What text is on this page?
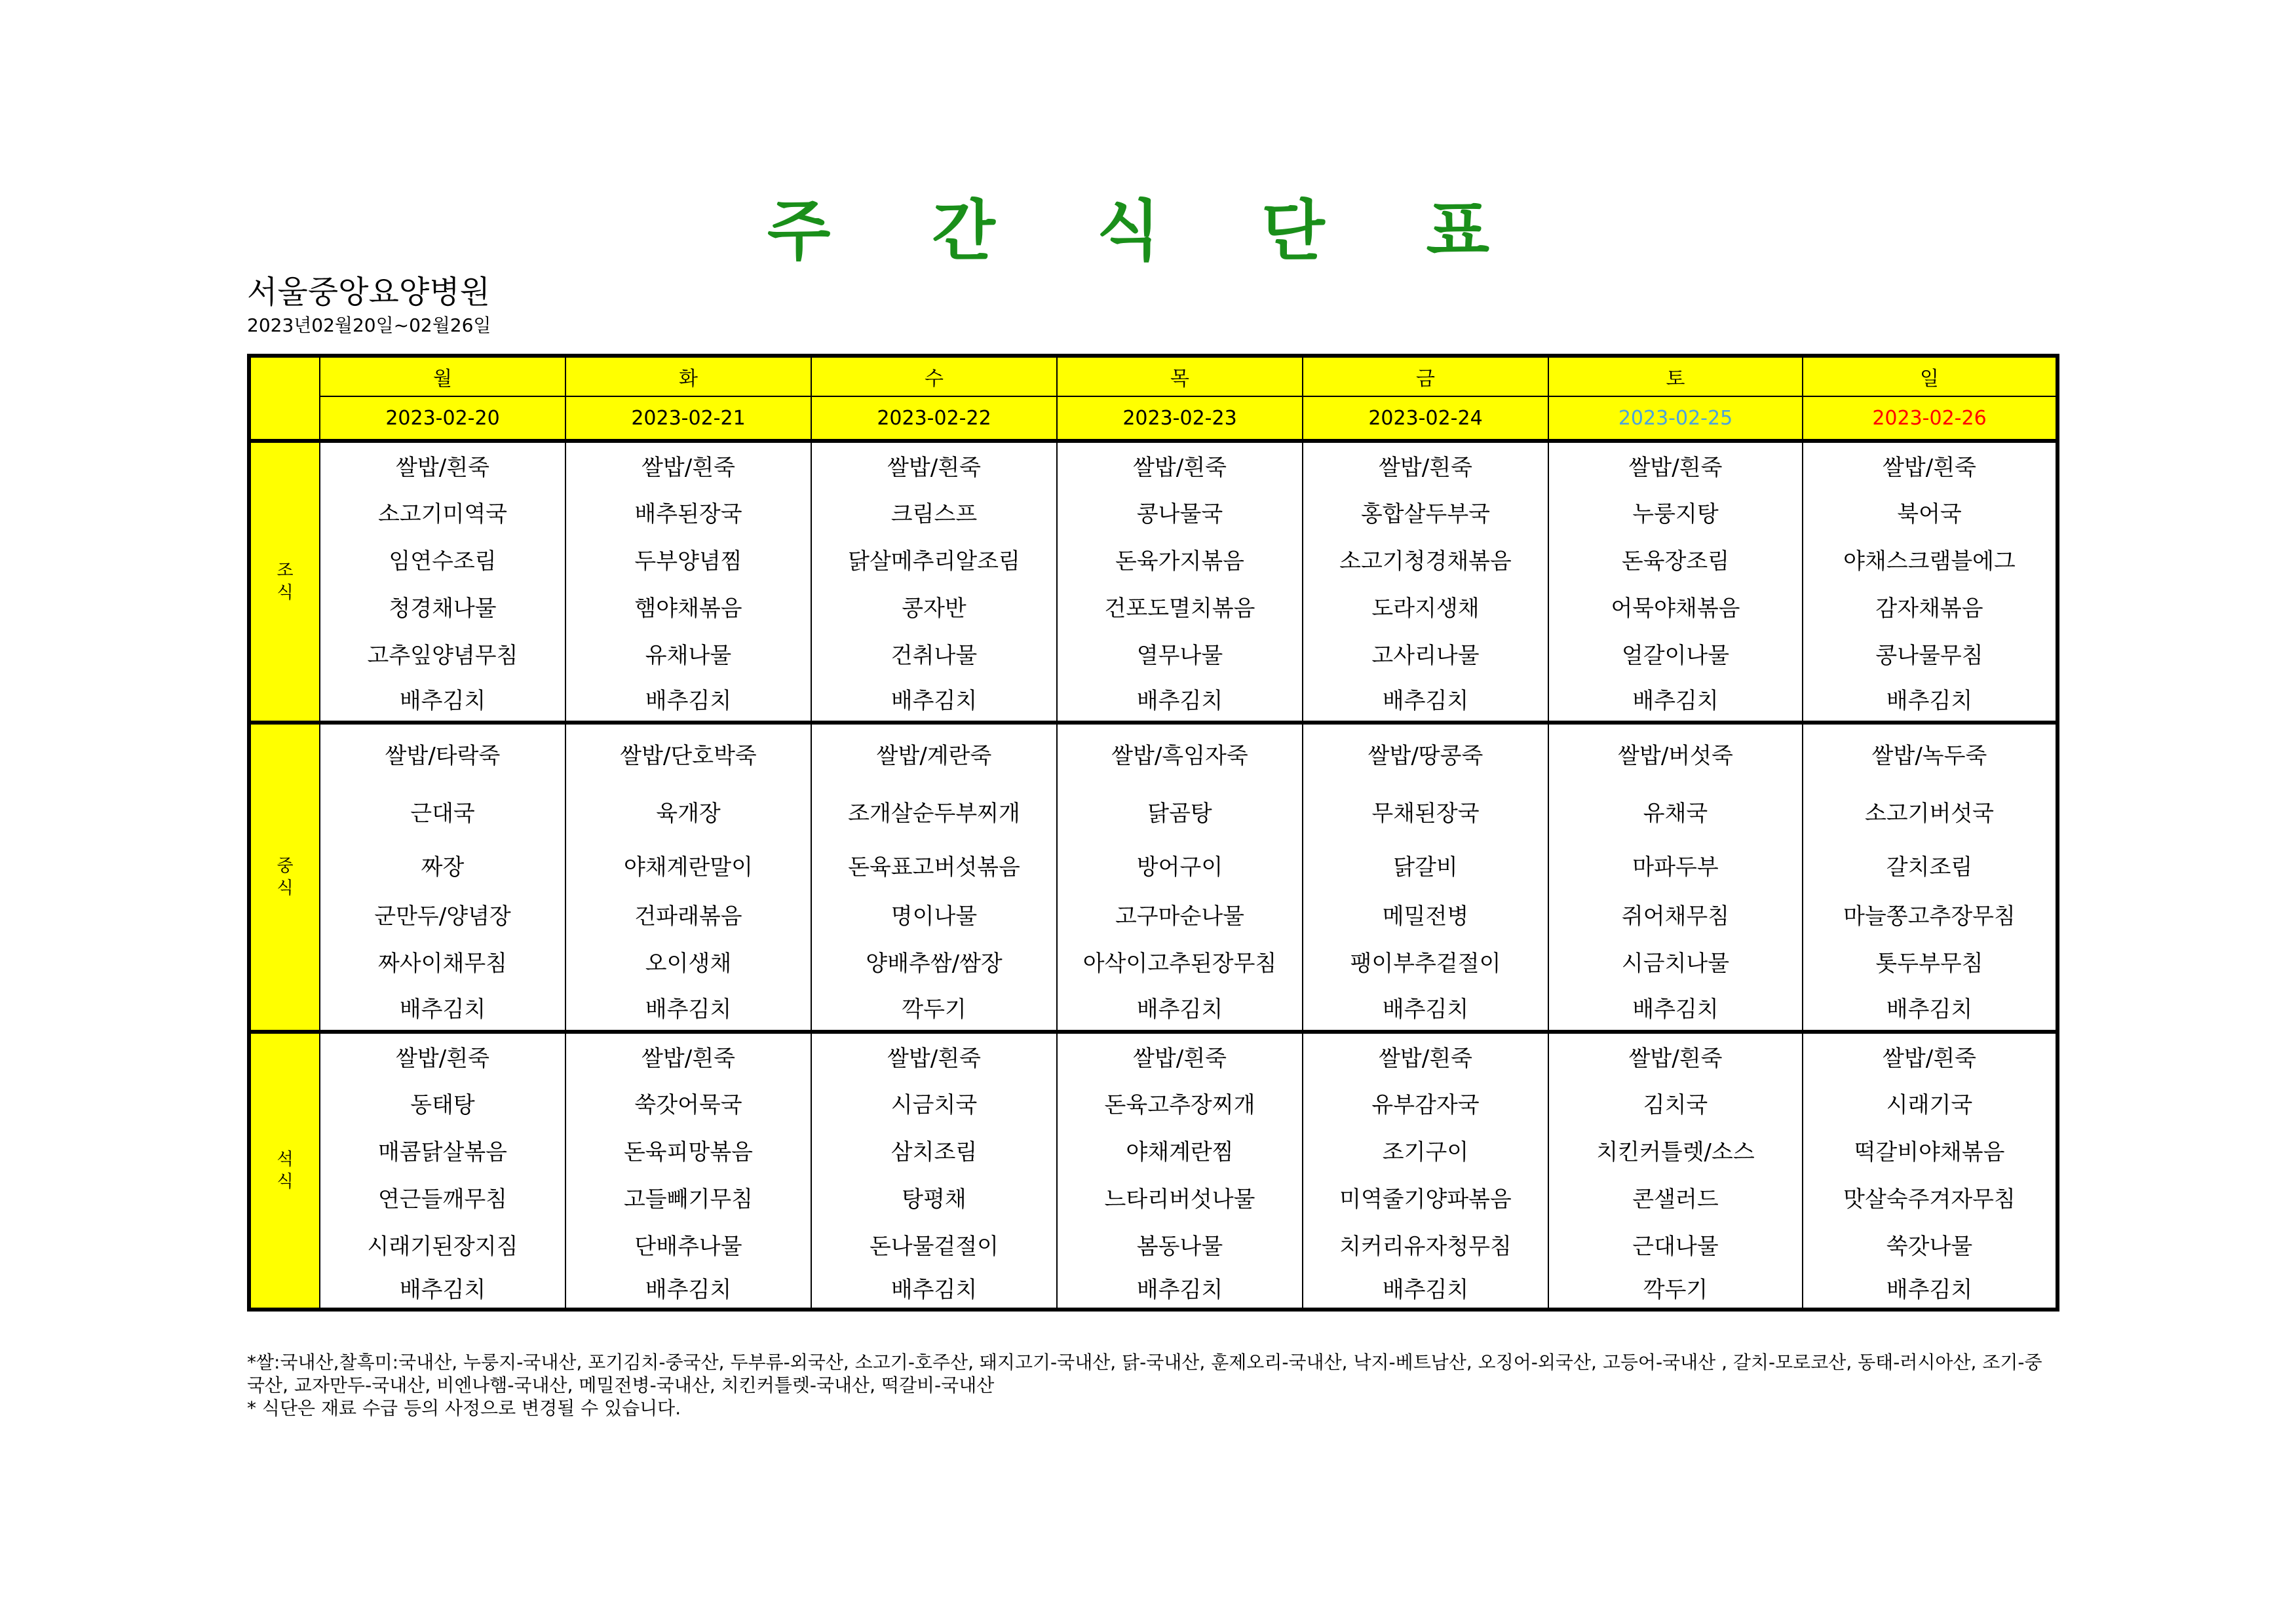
주 간 식 단 표
서울중앙요양병원
2023년02월20일~02월26일
	월	화	수	목	금	토	일
	2023-02-20	2023-02-21	2023-02-22	2023-02-23	2023-02-24	2023-02-25	2023-02-26

조
식	쌀밥/흰죽	쌀밥/흰죽	쌀밥/흰죽	쌀밥/흰죽	쌀밥/흰죽	쌀밥/흰죽	쌀밥/흰죽
	소고기미역국	배추된장국	크림스프	콩나물국	홍합살두부국	누룽지탕	북어국
	임연수조림	두부양념찜	닭살메추리알조림	돈육가지볶음	소고기청경채볶음	돈육장조림	야채스크램블에그
	청경채나물	햄야채볶음	콩자반	건포도멸치볶음	도라지생채	어묵야채볶음	감자채볶음
	고추잎양념무침	유채나물	건취나물	열무나물	고사리나물	얼갈이나물	콩나물무침
	배추김치	배추김치	배추김치	배추김치	배추김치	배추김치	배추김치

중
식	쌀밥/타락죽	쌀밥/단호박죽	쌀밥/계란죽	쌀밥/흑임자죽	쌀밥/땅콩죽	쌀밥/버섯죽	쌀밥/녹두죽
	근대국	육개장	조개살순두부찌개	닭곰탕	무채된장국	유채국	소고기버섯국
	짜장	야채계란말이	돈육표고버섯볶음	방어구이	닭갈비	마파두부	갈치조림
	군만두/양념장	건파래볶음	명이나물	고구마순나물	메밀전병	쥐어채무침	마늘쫑고추장무침
	짜사이채무침	오이생채	양배추쌈/쌈장	아삭이고추된장무침	팽이부추겉절이	시금치나물	톳두부무침
	배추김치	배추김치	깍두기	배추김치	배추김치	배추김치	배추김치

석
식	쌀밥/흰죽	쌀밥/흰죽	쌀밥/흰죽	쌀밥/흰죽	쌀밥/흰죽	쌀밥/흰죽	쌀밥/흰죽
	동태탕	쑥갓어묵국	시금치국	돈육고추장찌개	유부감자국	김치국	시래기국
	매콤닭살볶음	돈육피망볶음	삼치조림	야채계란찜	조기구이	치킨커틀렛/소스	떡갈비야채볶음
	연근들깨무침	고들빼기무침	탕평채	느타리버섯나물	미역줄기양파볶음	콘샐러드	맛살숙주겨자무침
	시래기된장지짐	단배추나물	돈나물겉절이	봄동나물	치커리유자청무침	근대나물	쑥갓나물
	배추김치	배추김치	배추김치	배추김치	배추김치	깍두기	배추김치

*쌀:국내산,찰흑미:국내산, 누룽지-국내산, 포기김치-중국산, 두부류-외국산, 소고기-호주산, 돼지고기-국내산, 닭-국내산, 훈제오리-국내산, 낙지-베트남산, 오징어-외국산, 고등어-국내산 , 갈치-모로코산, 동태-러시아산, 조기-중국산, 교자만두-국내산, 비엔나햄-국내산, 메밀전병-국내산, 치킨커틀렛-국내산, 떡갈비-국내산

* 식단은 재료 수급 등의 사정으로 변경될 수 있습니다.
